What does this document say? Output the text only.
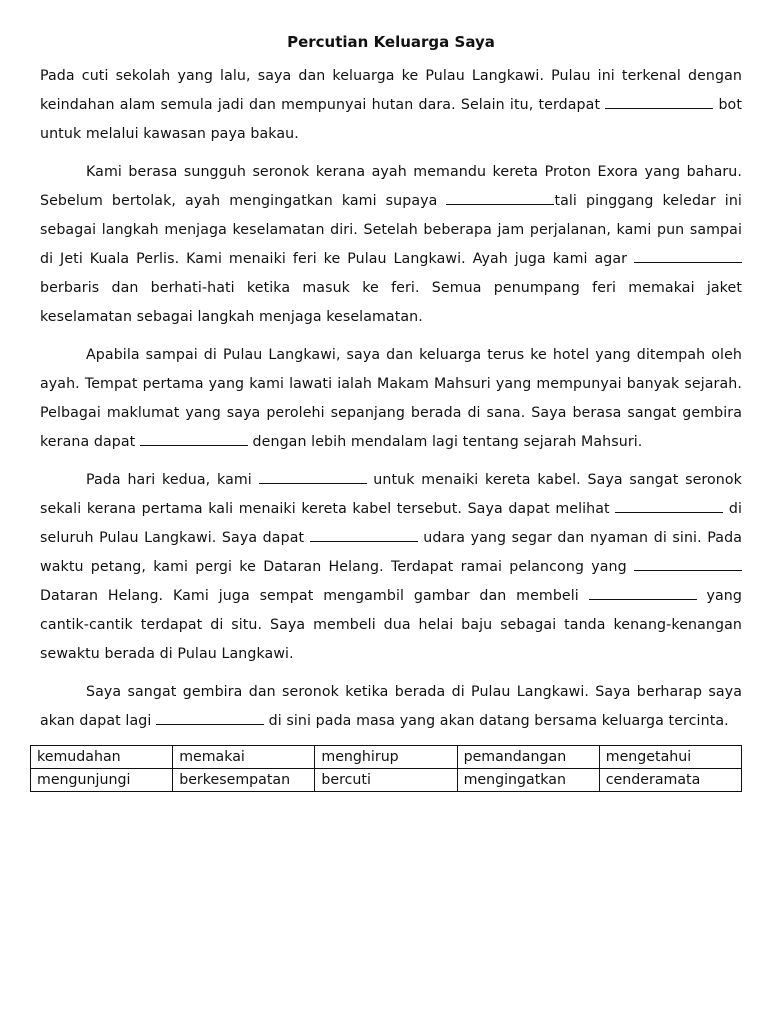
Percutian Keluarga Saya

Pada cuti sekolah yang lalu, saya dan keluarga ke Pulau Langkawi. Pulau ini terkenal dengan keindahan alam semula jadi dan mempunyai hutan dara. Selain itu, terdapat	bot untuk melalui kawasan paya bakau.

Kami berasa sungguh seronok kerana ayah memandu kereta Proton Exora yang baharu. Sebelum bertolak, ayah mengingatkan kami supaya	tali pinggang keledar ini sebagai langkah menjaga keselamatan diri. Setelah beberapa jam perjalanan, kami pun sampai di Jeti Kuala Perlis. Kami menaiki feri ke Pulau Langkawi. Ayah juga kami agar  berbaris dan berhati-hati ketika masuk ke feri. Semua penumpang feri memakai jaket keselamatan sebagai langkah menjaga keselamatan.

Apabila sampai di Pulau Langkawi, saya dan keluarga terus ke hotel yang ditempah oleh ayah. Tempat pertama yang kami lawati ialah Makam Mahsuri yang mempunyai banyak sejarah. Pelbagai maklumat yang saya perolehi sepanjang berada di sana. Saya berasa sangat gembira kerana dapat	dengan lebih mendalam lagi tentang sejarah Mahsuri.

Pada hari kedua, kami	untuk menaiki kereta kabel. Saya sangat seronok sekali kerana pertama kali menaiki kereta kabel tersebut. Saya dapat melihat	di seluruh Pulau Langkawi. Saya dapat	udara yang segar dan nyaman di sini. Pada waktu petang, kami pergi ke Dataran Helang. Terdapat ramai pelancong yang  Dataran Helang. Kami juga sempat mengambil gambar dan membeli	yang cantik-cantik terdapat di situ. Saya membeli dua helai baju sebagai tanda kenang-kenangan sewaktu berada di Pulau Langkawi.

Saya sangat gembira dan seronok ketika berada di Pulau Langkawi. Saya berharap saya akan dapat lagi	di sini pada masa yang akan datang bersama keluarga tercinta.

kemudahan	memakai	menghirup	pemandangan	mengetahui
mengunjungi	berkesempatan	bercuti	mengingatkan	cenderamata
